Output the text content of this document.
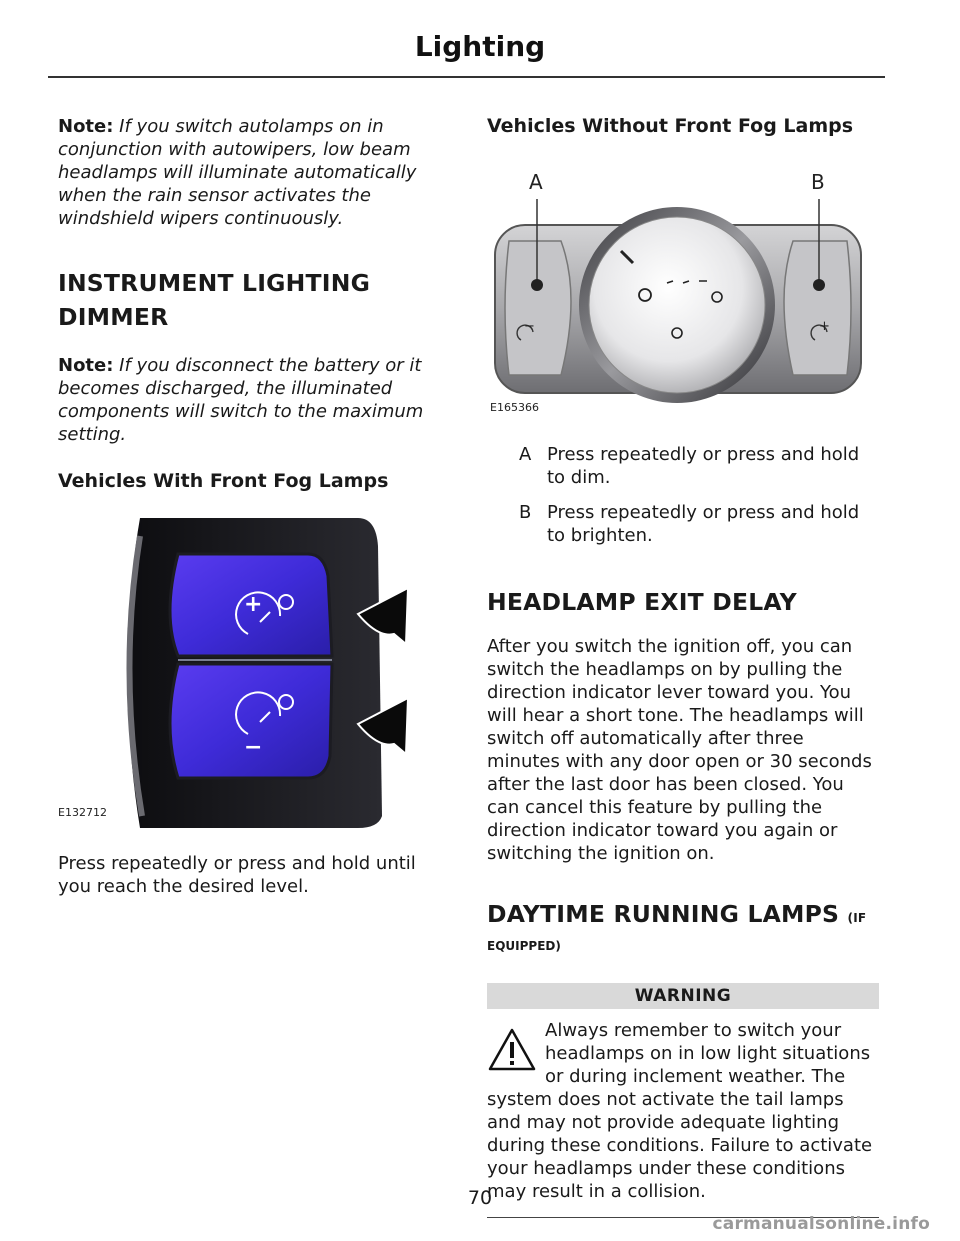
Lighting

Note: If you switch autolamps on in conjunction with autowipers, low beam headlamps will illuminate automatically when the rain sensor activates the windshield wipers continuously.

INSTRUMENT LIGHTING
DIMMER

Note: If you disconnect the battery or it becomes discharged, the illuminated components will switch to the maximum setting.

Vehicles With Front Fog Lamps
+
−
E132712

Press repeatedly or press and hold until you reach the desired level.

Vehicles Without Front Fog Lamps
−	+
A	B
E165366
A Press repeatedly or press and hold to dim.
B Press repeatedly or press and hold to brighten.
HEADLAMP EXIT DELAY

After you switch the ignition off, you can switch the headlamps on by pulling the direction indicator lever toward you. You will hear a short tone. The headlamps will switch off automatically after three minutes with any door open or 30 seconds after the last door has been closed. You can cancel this feature by pulling the direction indicator toward you again or switching the ignition on.

DAYTIME RUNNING LAMPS (IF
EQUIPPED)
WARNING

Always remember to switch your headlamps on in low light situations or during inclement weather. The system does not activate the tail lamps and may not provide adequate lighting during these conditions. Failure to activate your headlamps under these conditions may result in a collision.

70
carmanualsonline.info
